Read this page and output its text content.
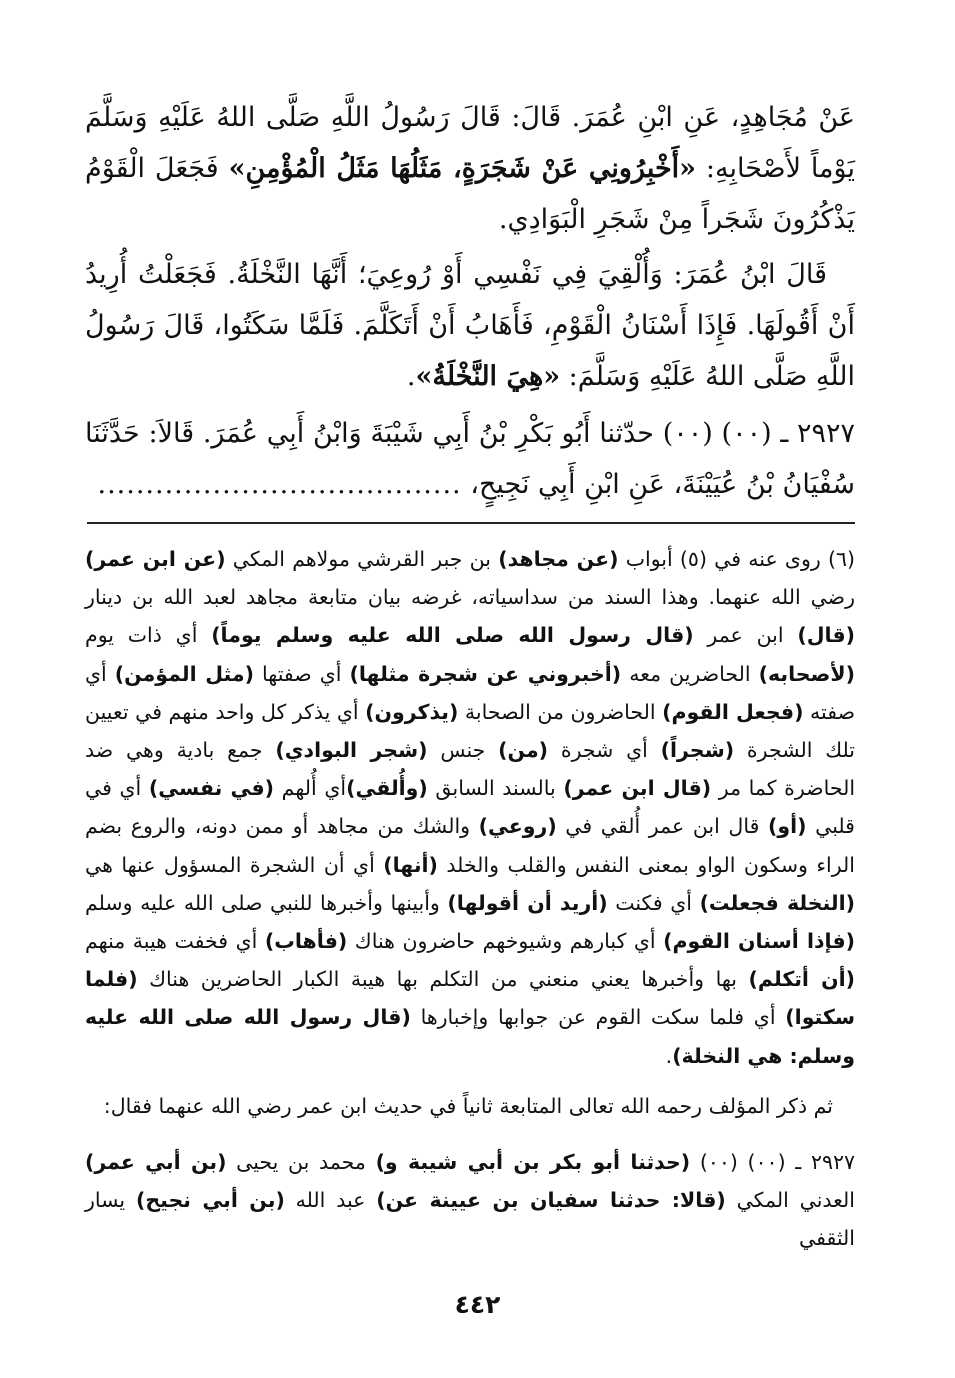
عَنْ مُجَاهِدٍ، عَنِ ابْنِ عُمَرَ. قَالَ: قَالَ رَسُولُ اللَّهِ صَلَّى اللهُ عَلَيْهِ وَسَلَّمَ يَوْماً لأَصْحَابِهِ: «أَخْبِرُونِي عَنْ شَجَرَةٍ، مَثَلُهَا مَثَلُ الْمُؤْمِنِ» فَجَعَلَ الْقَوْمُ يَذْكُرُونَ شَجَراً مِنْ شَجَرِ الْبَوَادِي.

قَالَ ابْنُ عُمَرَ: وَأُلْقِيَ فِي نَفْسِي أَوْ رُوعِيَ؛ أَنَّهَا النَّخْلَةُ. فَجَعَلْتُ أُرِيدُ أَنْ أَقُولَهَا. فَإِذَا أَسْنَانُ الْقَوْمِ، فَأَهَابُ أَنْ أَتَكَلَّمَ. فَلَمَّا سَكَتُوا، قَالَ رَسُولُ اللَّهِ صَلَّى اللهُ عَلَيْهِ وَسَلَّمَ: «هِيَ النَّخْلَةُ».

٢٩٢٧ ـ (٠٠) (٠٠) حدّثنا أَبُو بَكْرِ بْنُ أَبِي شَيْبَةَ وَابْنُ أَبِي عُمَرَ. قَالاَ: حَدَّثَنَا سُفْيَانُ بْنُ عُيَيْنَةَ، عَنِ ابْنِ أَبِي نَجِيحٍ، ......................................

(٦) روى عنه في (٥) أبواب (عن مجاهد) بن جبر القرشي مولاهم المكي (عن ابن عمر) رضي الله عنهما. وهذا السند من سداسياته، غرضه بيان متابعة مجاهد لعبد الله بن دينار (قال) ابن عمر (قال رسول الله صلى الله عليه وسلم يوماً) أي ذات يوم (لأصحابه) الحاضرين معه (أخبروني عن شجرة مثلها) أي صفتها (مثل المؤمن) أي صفته (فجعل القوم) الحاضرون من الصحابة (يذكرون) أي يذكر كل واحد منهم في تعيين تلك الشجرة (شجراً) أي شجرة (من) جنس (شجر البوادي) جمع بادية وهي ضد الحاضرة كما مر (قال ابن عمر) بالسند السابق (وأُلقي)أي أُلهم (في نفسي) أي في قلبي (أو) قال ابن عمر أُلقي في (روعي) والشك من مجاهد أو ممن دونه، والروع بضم الراء وسكون الواو بمعنى النفس والقلب والخلد (أنها) أي أن الشجرة المسؤول عنها هي (النخلة فجعلت) أي فكنت (أريد أن أقولها) وأبينها وأخبرها للنبي صلى الله عليه وسلم (فإذا أسنان القوم) أي كبارهم وشيوخهم حاضرون هناك (فأهاب) أي فخفت هيبة منهم (أن أتكلم) بها وأخبرها يعني منعني من التكلم بها هيبة الكبار الحاضرين هناك (فلما سكتوا) أي فلما سكت القوم عن جوابها وإخبارها (قال رسول الله صلى الله عليه وسلم: هي النخلة).

ثم ذكر المؤلف رحمه الله تعالى المتابعة ثانياً في حديث ابن عمر رضي الله عنهما فقال:

٢٩٢٧ ـ (٠٠) (٠٠) (حدثنا أبو بكر بن أبي شيبة و) محمد بن يحيى (بن أبي عمر) العدني المكي (قالا: حدثنا سفيان بن عيينة عن) عبد الله (بن أبي نجيح) يسار الثقفي

٤٤٢
